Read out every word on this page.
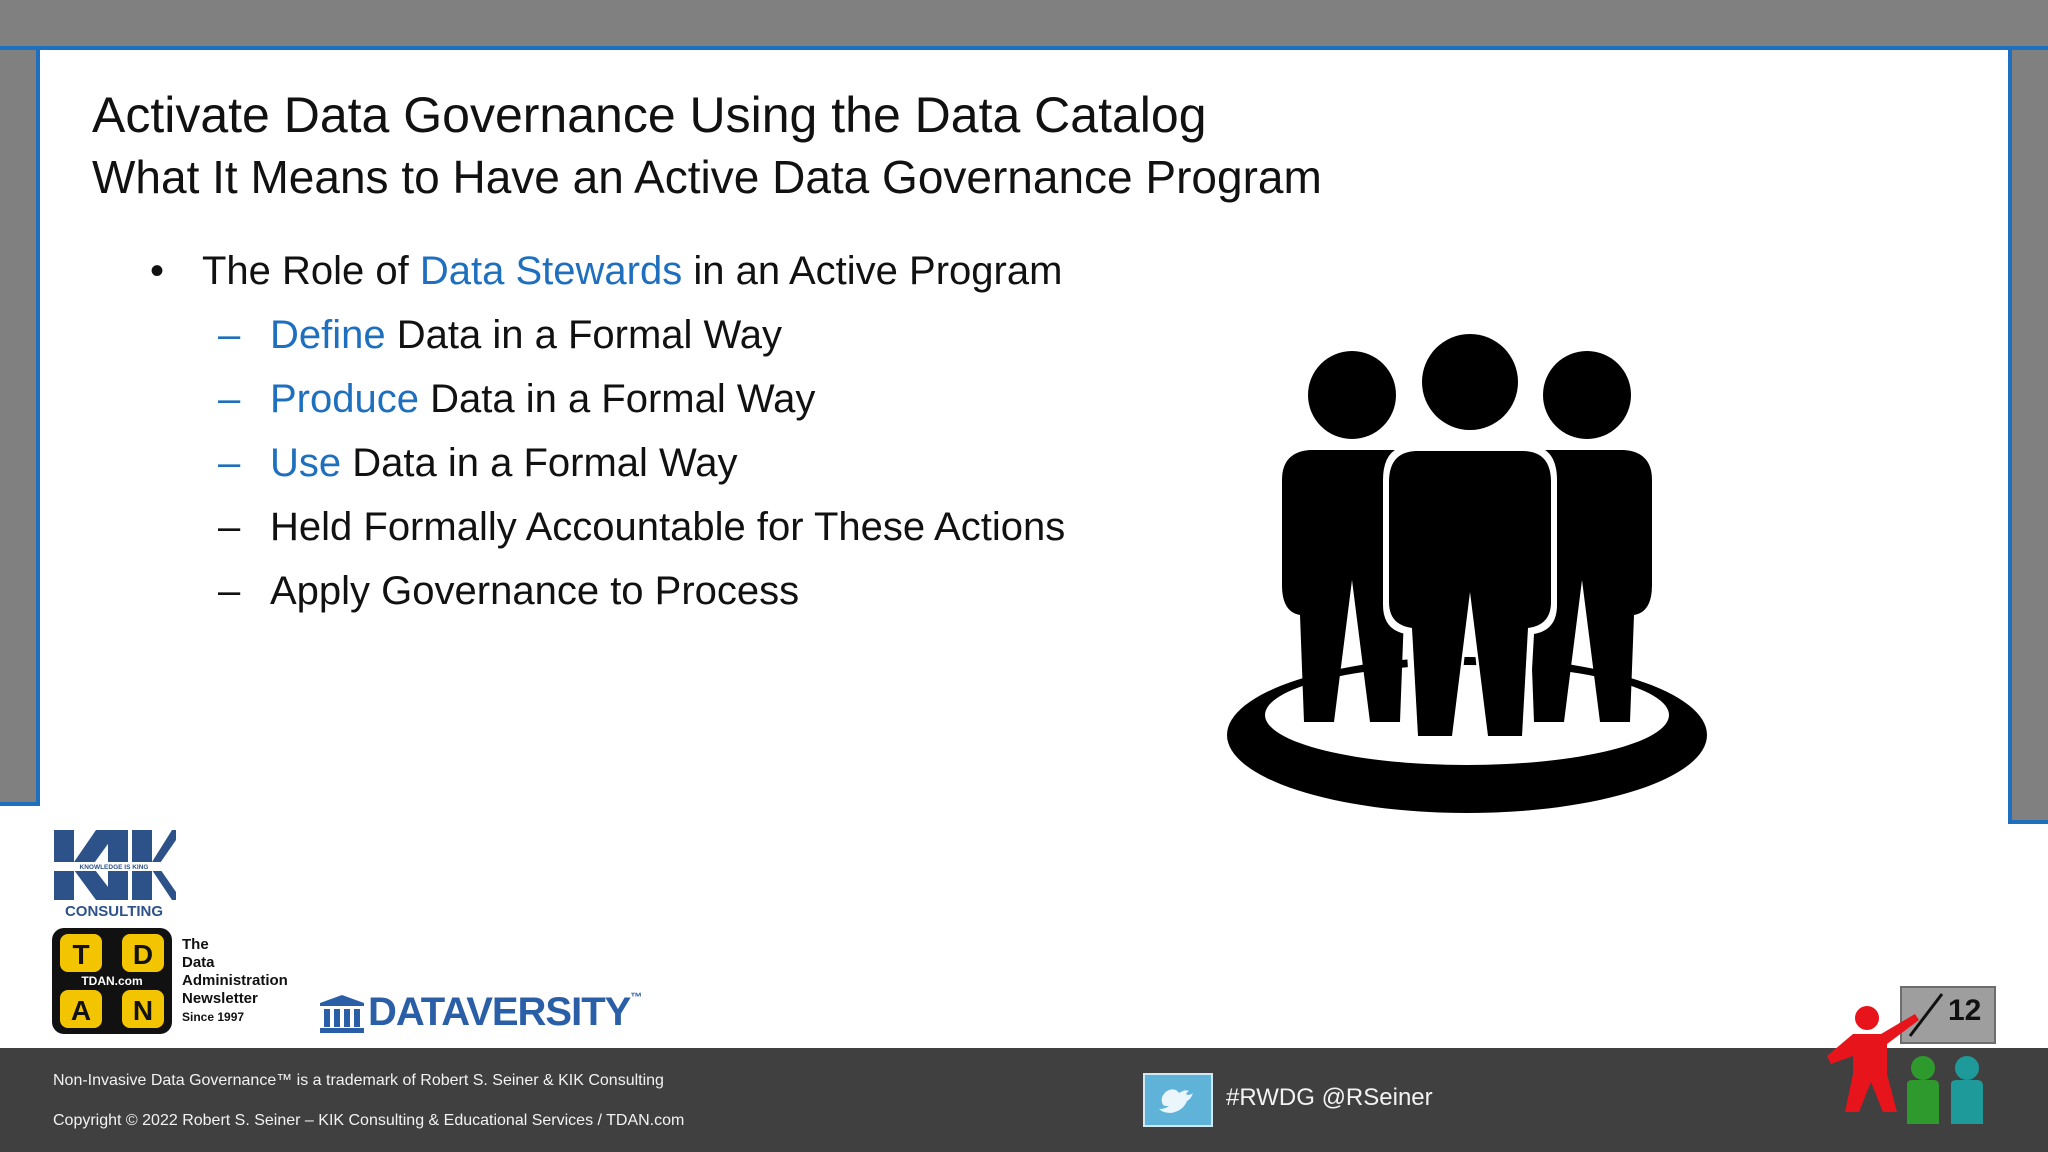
Activate Data Governance Using the Data Catalog
What It Means to Have an Active Data Governance Program
• The Role of Data Stewards in an Active Program
– Define Data in a Formal Way
– Produce Data in a Formal Way
– Use Data in a Formal Way
– Held Formally Accountable for These Actions
– Apply Governance to Process
KNOWLEDGE IS KING
CONSULTING
T D
A N
TDAN.com
The
Data
Administration
Newsletter
Since 1997	DATAVERSITY™
Non-Invasive Data Governance™ is a trademark of Robert S. Seiner & KIK Consulting
Copyright © 2022 Robert S. Seiner – KIK Consulting & Educational Services / TDAN.com
#RWDG @RSeiner
12
